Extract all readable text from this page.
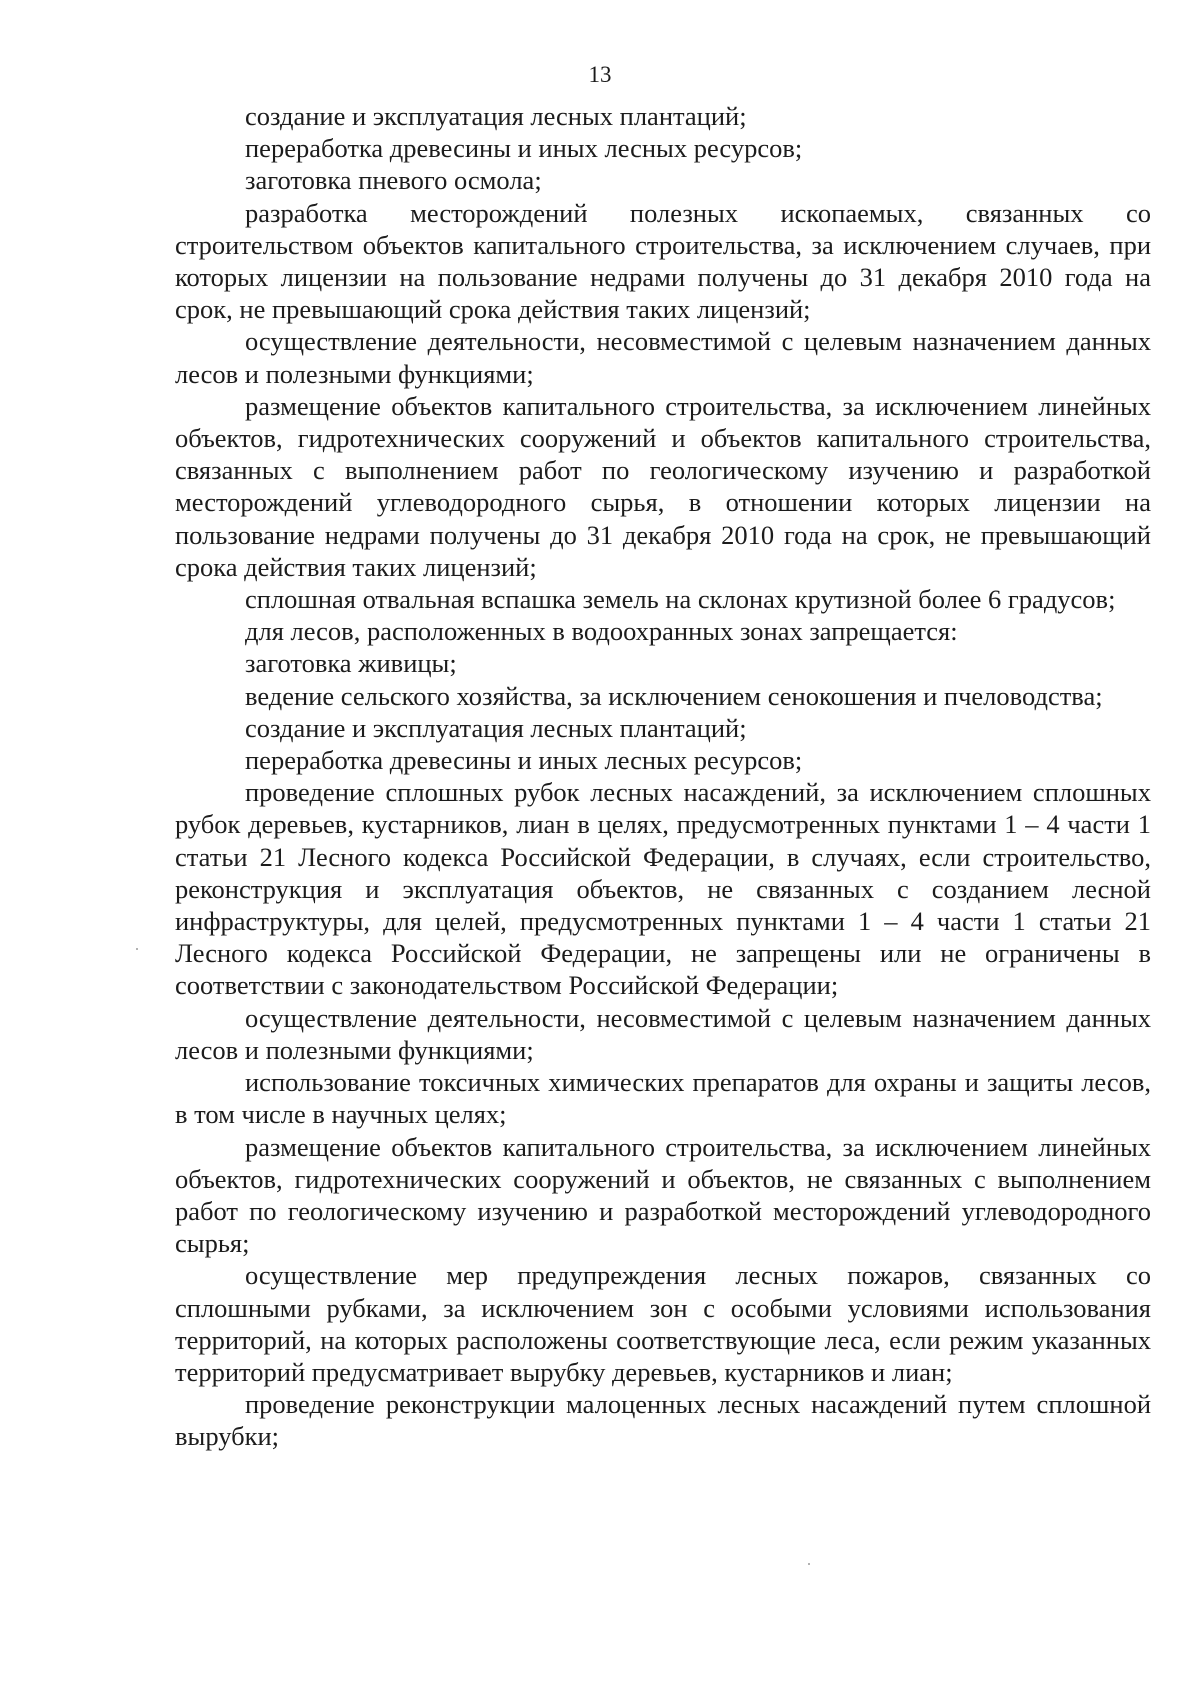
13

создание и эксплуатация лесных плантаций;

переработка древесины и иных лесных ресурсов;

заготовка пневого осмола;

разработка месторождений полезных ископаемых, связанных со строительством объектов капитального строительства, за исключением случаев, при которых лицензии на пользование недрами получены до 31 декабря 2010 года на срок, не превышающий срока действия таких лицензий;

осуществление деятельности, несовместимой с целевым назначением данных лесов и полезными функциями;

размещение объектов капитального строительства, за исключением линейных объектов, гидротехнических сооружений и объектов капитального строительства, связанных с выполнением работ по геологическому изучению и разработкой месторождений углеводородного сырья, в отношении которых лицензии на пользование недрами получены до 31 декабря 2010 года на срок, не превышающий срока действия таких лицензий;

сплошная отвальная вспашка земель на склонах крутизной более 6 градусов;

для лесов, расположенных в водоохранных зонах запрещается:

заготовка живицы;

ведение сельского хозяйства, за исключением сенокошения и пчеловодства;

создание и эксплуатация лесных плантаций;

переработка древесины и иных лесных ресурсов;

проведение сплошных рубок лесных насаждений, за исключением сплошных рубок деревьев, кустарников, лиан в целях, предусмотренных пунктами 1 – 4 части 1 статьи 21 Лесного кодекса Российской Федерации, в случаях, если строительство, реконструкция и эксплуатация объектов, не связанных с созданием лесной инфраструктуры, для целей, предусмотренных пунктами 1 – 4 части 1 статьи 21 Лесного кодекса Российской Федерации, не запрещены или не ограничены в соответствии с законодательством Российской Федерации;

осуществление деятельности, несовместимой с целевым назначением данных лесов и полезными функциями;

использование токсичных химических препаратов для охраны и защиты лесов, в том числе в научных целях;

размещение объектов капитального строительства, за исключением линейных объектов, гидротехнических сооружений и объектов, не связанных с выполнением работ по геологическому изучению и разработкой месторождений углеводородного сырья;

осуществление мер предупреждения лесных пожаров, связанных со сплошными рубками, за исключением зон с особыми условиями использования территорий, на которых расположены соответствующие леса, если режим указанных территорий предусматривает вырубку деревьев, кустарников и лиан;

проведение реконструкции малоценных лесных насаждений путем сплошной вырубки;
